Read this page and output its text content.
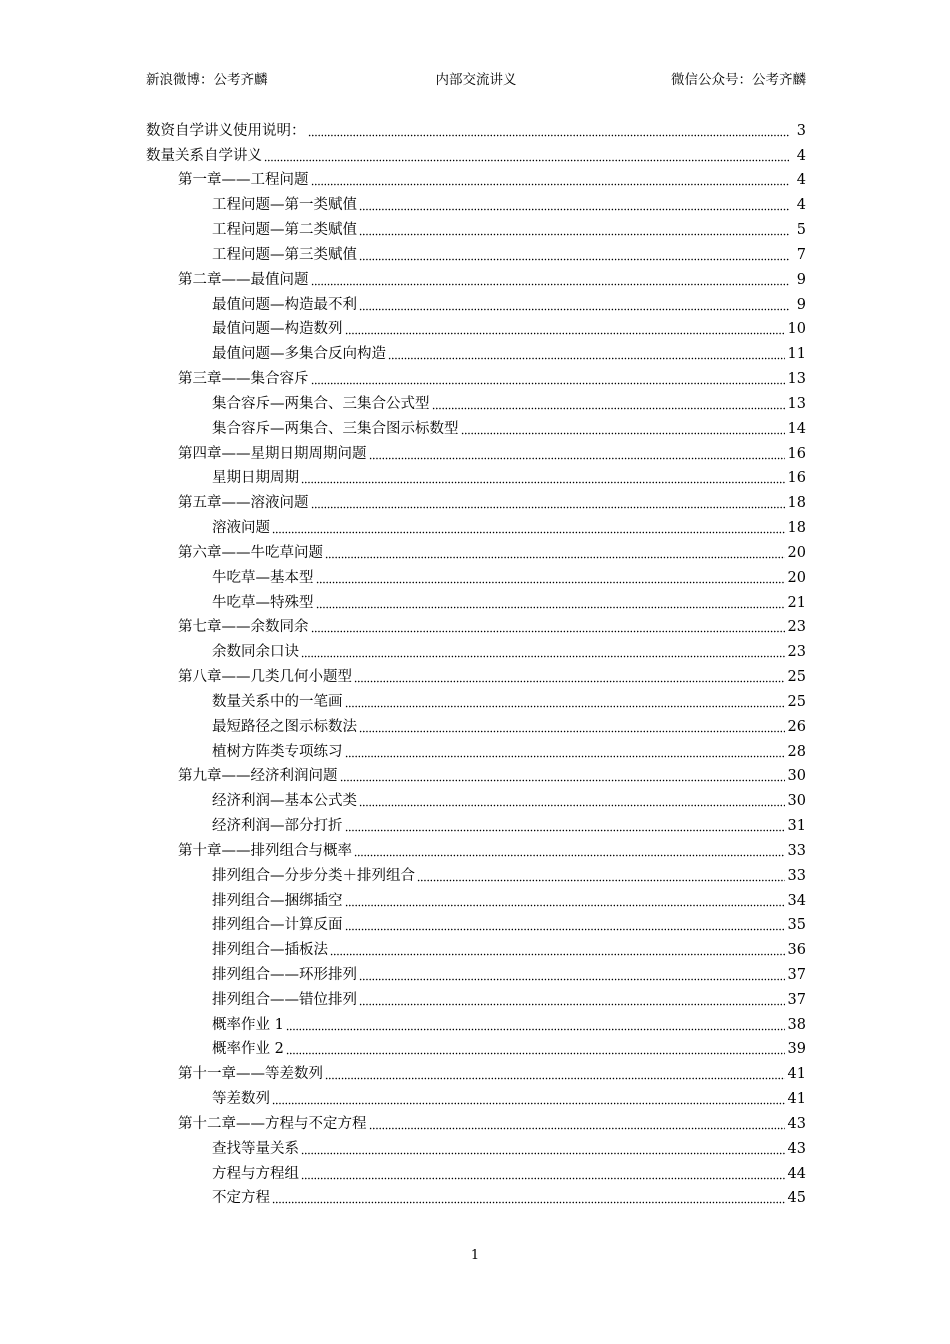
新浪微博：公考齐麟	内部交流讲义	微信公众号：公考齐麟
数资自学讲义使用说明：	3
数量关系自学讲义	4
第一章——工程问题	4
工程问题—第一类赋值	4
工程问题—第二类赋值	5
工程问题—第三类赋值	7
第二章——最值问题	9
最值问题—构造最不利	9
最值问题—构造数列	10
最值问题—多集合反向构造	11
第三章——集合容斥	13
集合容斥—两集合、三集合公式型	13
集合容斥—两集合、三集合图示标数型	14
第四章——星期日期周期问题	16
星期日期周期	16
第五章——溶液问题	18
溶液问题	18
第六章——牛吃草问题	20
牛吃草—基本型	20
牛吃草—特殊型	21
第七章——余数同余	23
余数同余口诀	23
第八章——几类几何小题型	25
数量关系中的一笔画	25
最短路径之图示标数法	26
植树方阵类专项练习	28
第九章——经济利润问题	30
经济利润—基本公式类	30
经济利润—部分打折	31
第十章——排列组合与概率	33
排列组合—分步分类＋排列组合	33
排列组合—捆绑插空	34
排列组合—计算反面	35
排列组合—插板法	36
排列组合——环形排列	37
排列组合——错位排列	37
概率作业 1	38
概率作业 2	39
第十一章——等差数列	41
等差数列	41
第十二章——方程与不定方程	43
查找等量关系	43
方程与方程组	44
不定方程	45
1
